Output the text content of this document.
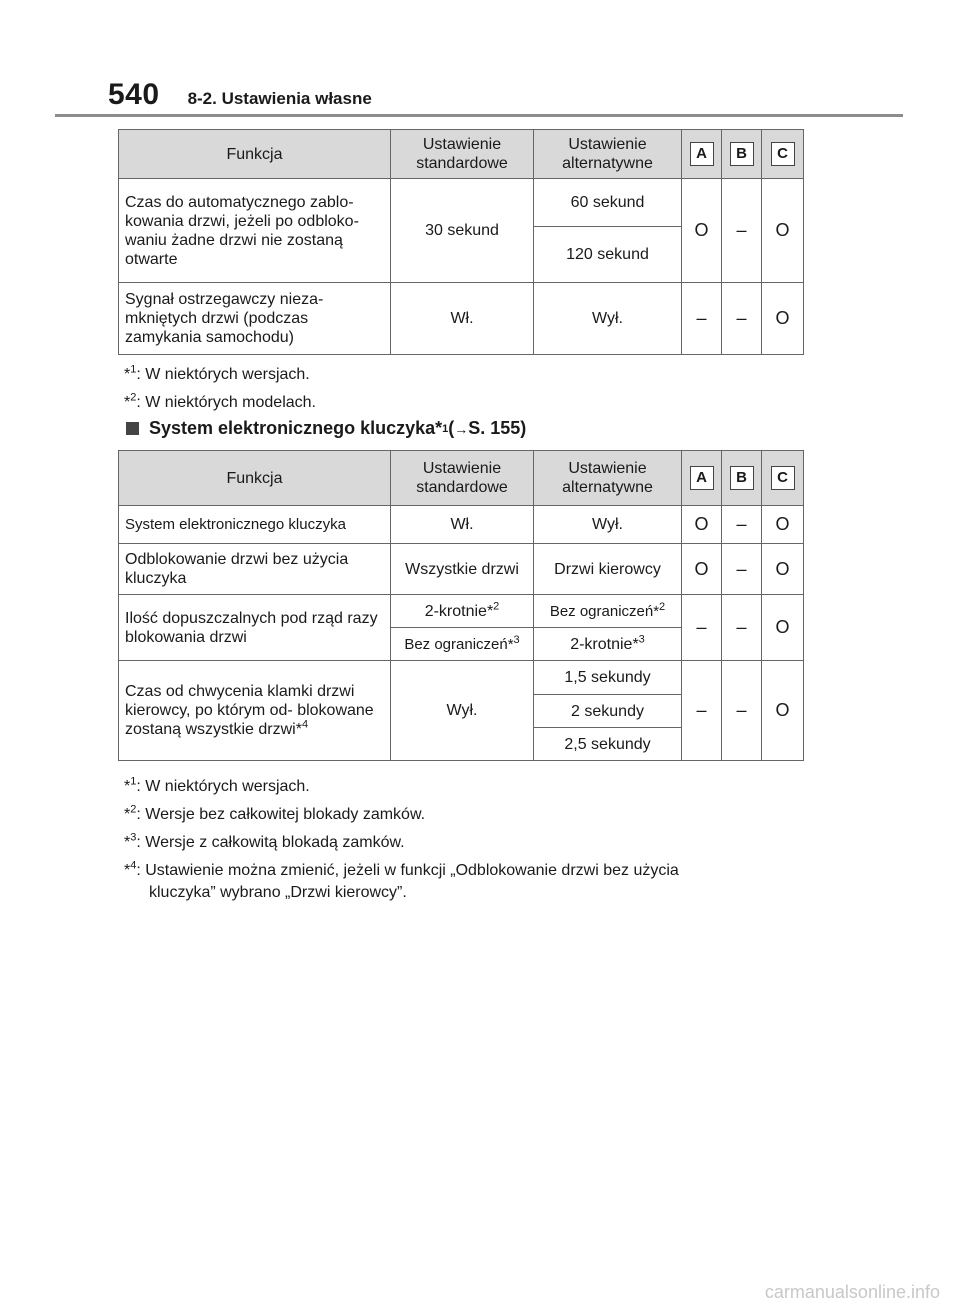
540 8-2. Ustawienia własne
Funkcja	Ustawienie standardowe	Ustawienie alternatywne	A	B	C
Czas do automatycznego zablo- kowania drzwi, jeżeli po odbloko- waniu żadne drzwi nie zostaną otwarte	30 sekund	60 sekund	O	–	O
		120 sekund			
Sygnał ostrzegawczy nieza- mkniętych drzwi (podczas zamykania samochodu)	Wł.	Wył.	–	–	O
*$^1$: W niektórych wersjach.
*$^2$: W niektórych modelach.
System elektronicznego kluczyka* 1 ( → S. 155)
Funkcja	Ustawienie standardowe	Ustawienie alternatywne	A	B	C
System elektronicznego kluczyka	Wł.	Wył.	O	–	O
Odblokowanie drzwi bez użycia kluczyka	Wszystkie drzwi	Drzwi kierowcy	O	–	O
Ilość dopuszczalnych pod rząd razy blokowania drzwi	2-krotnie*$^2$	Bez ograniczeń*$^2$	–	–	O
	Bez ograniczeń*$^3$	2-krotnie*$^3$
Czas od chwycenia klamki drzwi kierowcy, po którym od- blokowane zostaną wszystkie drzwi*$^4$	Wył.	1,5 sekundy	–	–	O
		2 sekundy			
		2,5 sekundy			
*$^1$: W niektórych wersjach.
*$^2$: Wersje bez całkowitej blokady zamków.
*$^3$: Wersje z całkowitą blokadą zamków.
*$^4$: Ustawienie można zmienić, jeżeli w funkcji „Odblokowanie drzwi bez użycia
kluczyka” wybrano „Drzwi kierowcy”.
carmanualsonline.info
